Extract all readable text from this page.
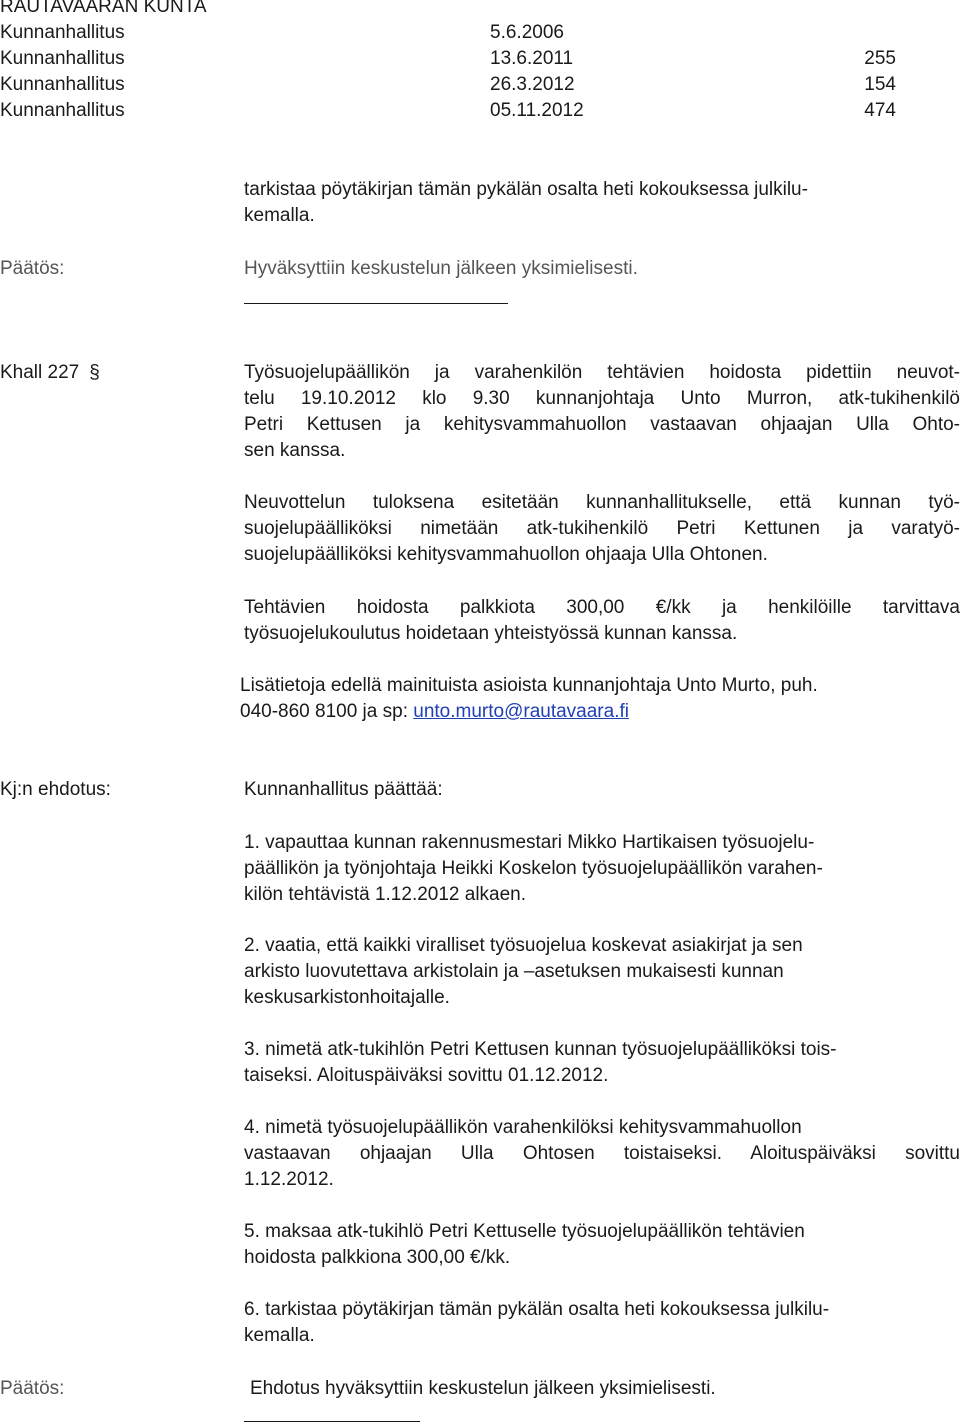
RAUTAVAARAN KUNTA
Kunnanhallitus	5.6.2006
Kunnanhallitus	13.6.2011	255
Kunnanhallitus	26.3.2012	154
Kunnanhallitus	05.11.2012	474
tarkistaa pöytäkirjan tämän pykälän osalta heti kokouksessa julkilu-
kemalla.
Päätös:	Hyväksyttiin keskustelun jälkeen yksimielisesti.
Khall 227 §	Työsuojelupäällikön ja varahenkilön tehtävien hoidosta pidettiin neuvot-
telu 19.10.2012 klo 9.30 kunnanjohtaja Unto Murron, atk-tukihenkilö
Petri Kettusen ja kehitysvammahuollon vastaavan ohjaajan Ulla Ohto-
sen kanssa.
Neuvottelun tuloksena esitetään kunnanhallitukselle, että kunnan työ-
suojelupäälliköksi nimetään atk-tukihenkilö Petri Kettunen ja varatyö-
suojelupäälliköksi kehitysvammahuollon ohjaaja Ulla Ohtonen.
Tehtävien hoidosta palkkiota 300,00 €/kk ja henkilöille tarvittava
työsuojelukoulutus hoidetaan yhteistyössä kunnan kanssa.
Lisätietoja edellä mainituista asioista kunnanjohtaja Unto Murto, puh.
040-860 8100 ja sp: unto.murto@rautavaara.fi
Kj:n ehdotus:	Kunnanhallitus päättää:
1. vapauttaa kunnan rakennusmestari Mikko Hartikaisen työsuojelu-
päällikön ja työnjohtaja Heikki Koskelon työsuojelupäällikön varahen-
kilön tehtävistä 1.12.2012 alkaen.
2. vaatia, että kaikki viralliset työsuojelua koskevat asiakirjat ja sen
arkisto luovutettava arkistolain ja –asetuksen mukaisesti kunnan
keskusarkistonhoitajalle.
3. nimetä atk-tukihlön Petri Kettusen kunnan työsuojelupäälliköksi tois-
taiseksi. Aloituspäiväksi sovittu 01.12.2012.
4. nimetä työsuojelupäällikön varahenkilöksi kehitysvammahuollon
vastaavan ohjaajan Ulla Ohtosen toistaiseksi. Aloituspäiväksi sovittu
1.12.2012.
5. maksaa atk-tukihlö Petri Kettuselle työsuojelupäällikön tehtävien
hoidosta palkkiona 300,00 €/kk.
6. tarkistaa pöytäkirjan tämän pykälän osalta heti kokouksessa julkilu-
kemalla.
Päätös:	Ehdotus hyväksyttiin keskustelun jälkeen yksimielisesti.
